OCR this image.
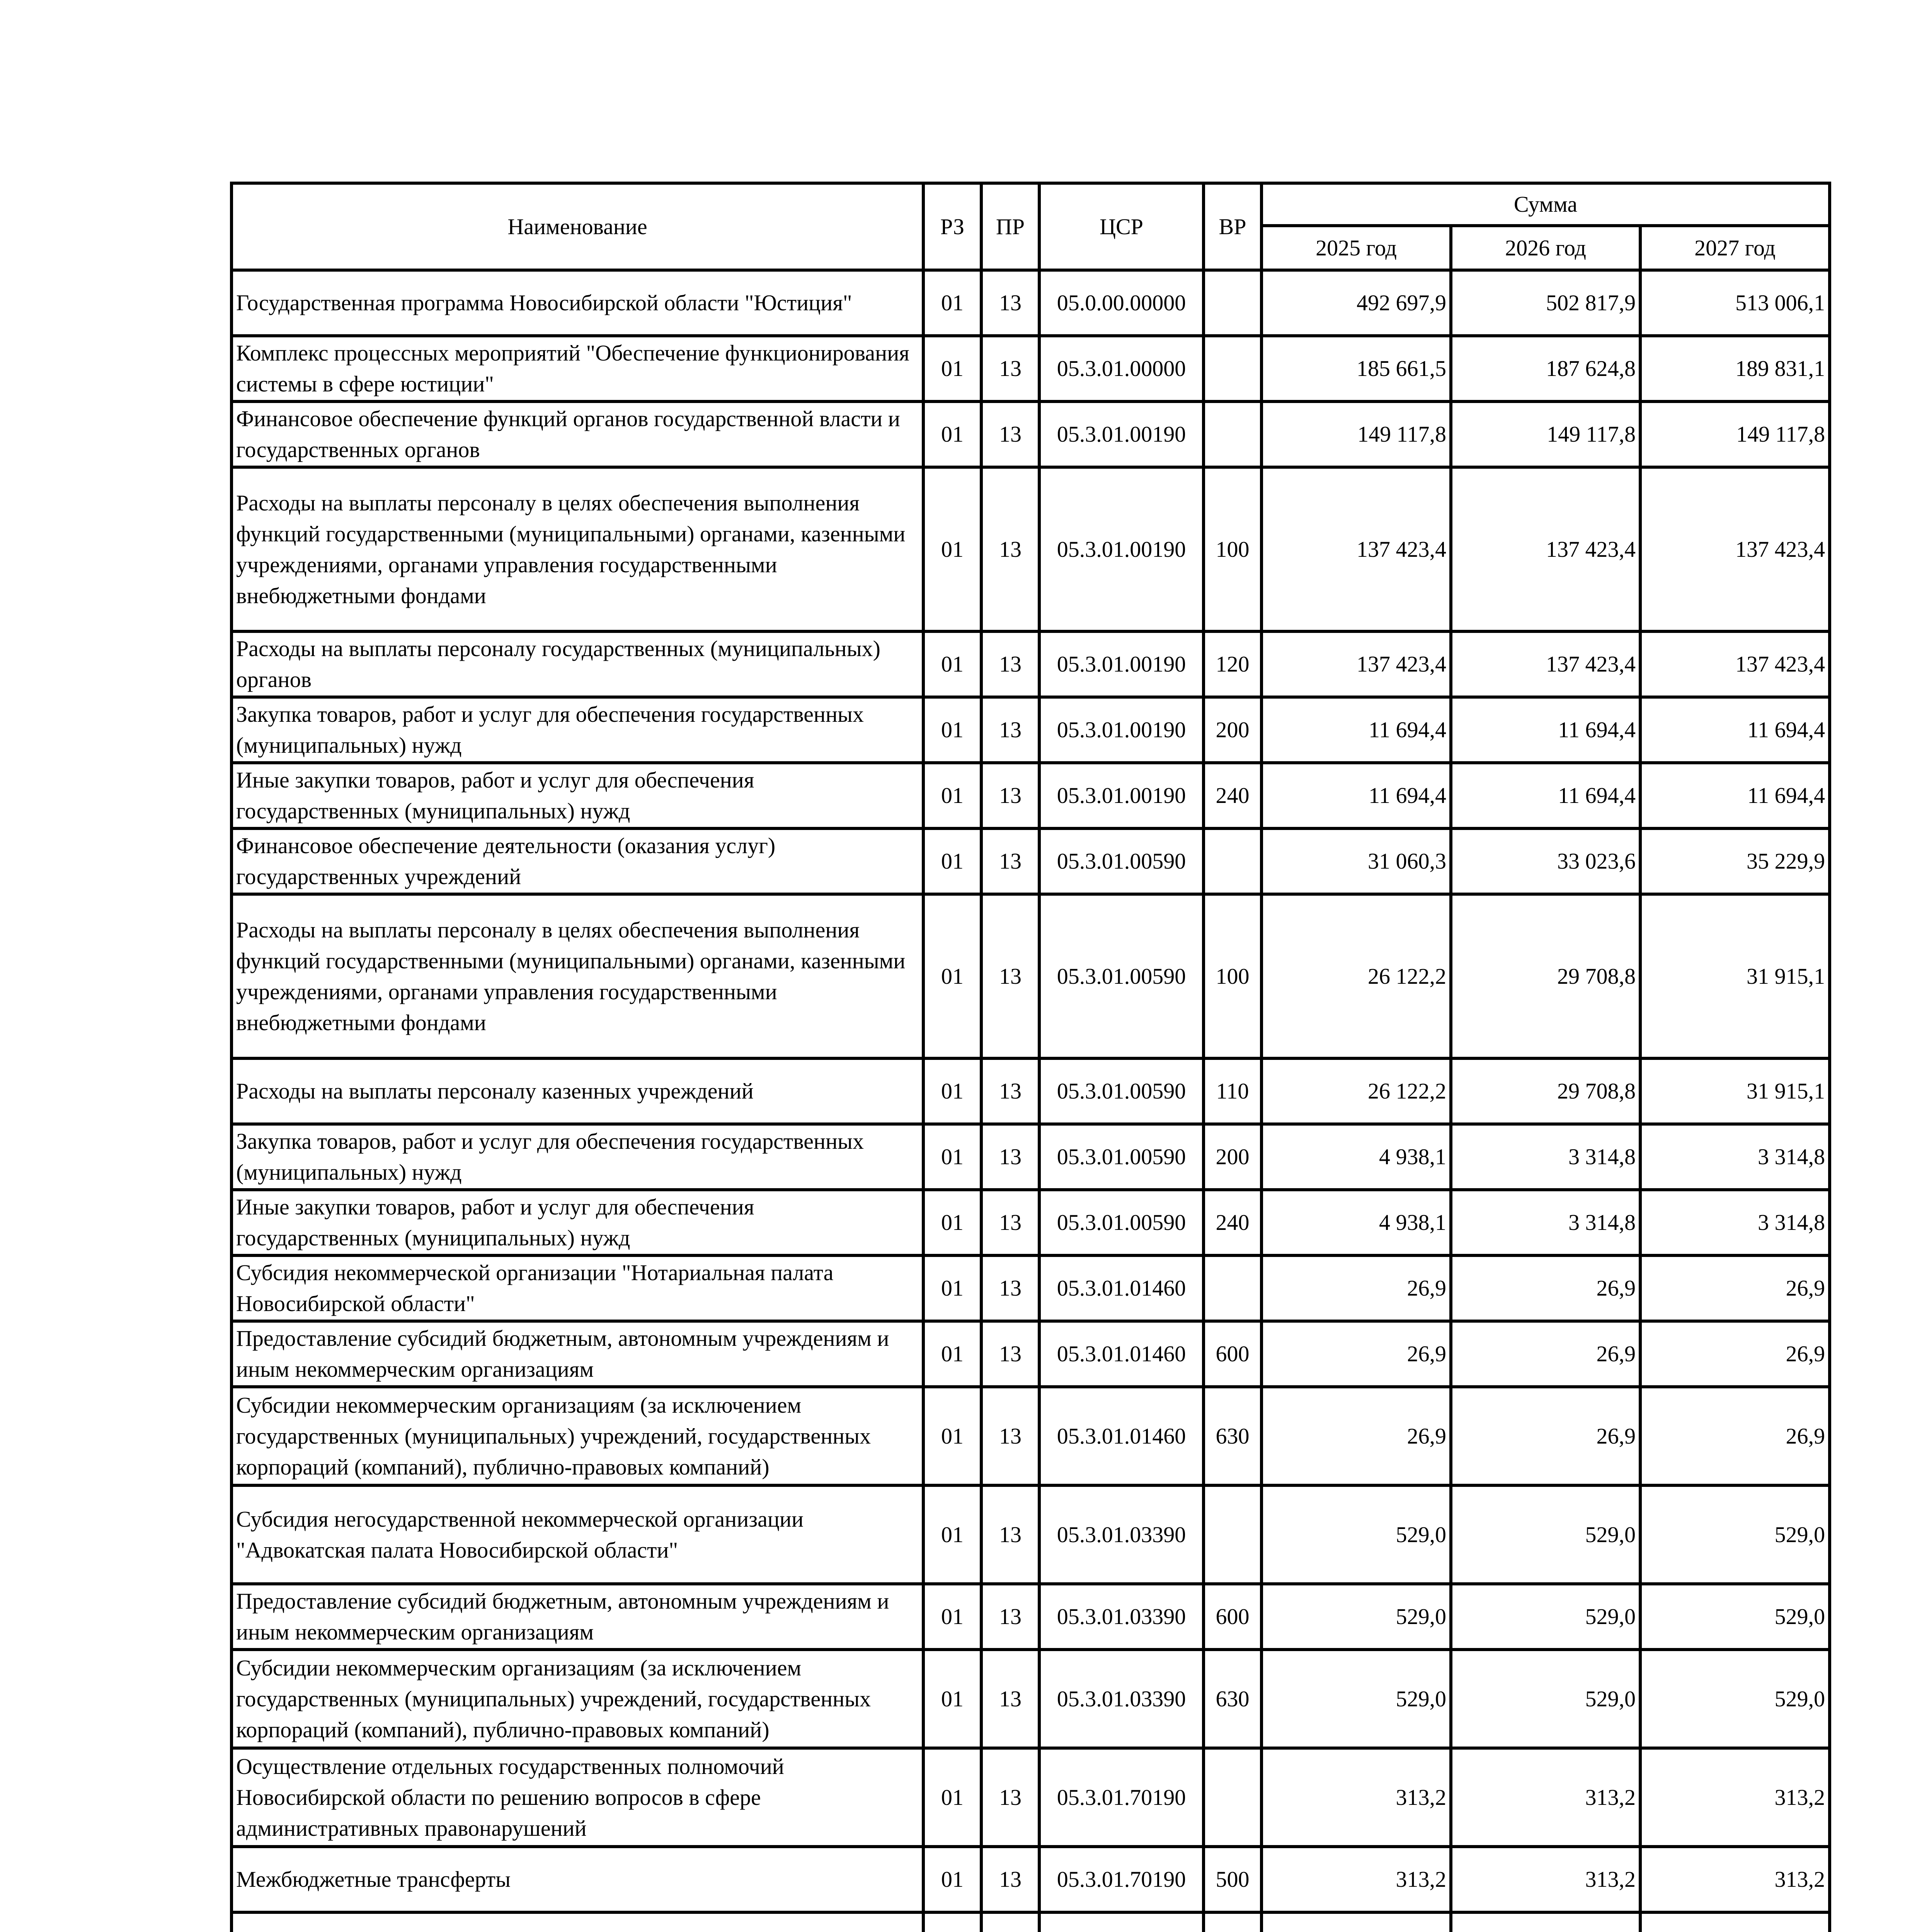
Наименование	РЗ	ПР	ЦСР	ВР	Сумма		
					2025 год	2026 год	2027 год
Государственная программа Новосибирской области "Юстиция"	01	13	05.0.00.00000		492 697,9	502 817,9	513 006,1
Комплекс процессных мероприятий "Обеспечение функционирования системы в сфере юстиции"	01	13	05.3.01.00000		185 661,5	187 624,8	189 831,1
Финансовое обеспечение функций органов государственной власти и государственных органов	01	13	05.3.01.00190		149 117,8	149 117,8	149 117,8
Расходы на выплаты персоналу в целях обеспечения выполнения функций государственными (муниципальными) органами, казенными учреждениями, органами управления государственными внебюджетными фондами	01	13	05.3.01.00190	100	137 423,4	137 423,4	137 423,4
Расходы на выплаты персоналу государственных (муниципальных) органов	01	13	05.3.01.00190	120	137 423,4	137 423,4	137 423,4
Закупка товаров, работ и услуг для обеспечения государственных (муниципальных) нужд	01	13	05.3.01.00190	200	11 694,4	11 694,4	11 694,4
Иные закупки товаров, работ и услуг для обеспечения государственных (муниципальных) нужд	01	13	05.3.01.00190	240	11 694,4	11 694,4	11 694,4
Финансовое обеспечение деятельности (оказания услуг) государственных учреждений	01	13	05.3.01.00590		31 060,3	33 023,6	35 229,9
Расходы на выплаты персоналу в целях обеспечения выполнения функций государственными (муниципальными) органами, казенными учреждениями, органами управления государственными внебюджетными фондами	01	13	05.3.01.00590	100	26 122,2	29 708,8	31 915,1
Расходы на выплаты персоналу казенных учреждений	01	13	05.3.01.00590	110	26 122,2	29 708,8	31 915,1
Закупка товаров, работ и услуг для обеспечения государственных (муниципальных) нужд	01	13	05.3.01.00590	200	4 938,1	3 314,8	3 314,8
Иные закупки товаров, работ и услуг для обеспечения государственных (муниципальных) нужд	01	13	05.3.01.00590	240	4 938,1	3 314,8	3 314,8
Субсидия некоммерческой организации "Нотариальная палата Новосибирской области"	01	13	05.3.01.01460		26,9	26,9	26,9
Предоставление субсидий бюджетным, автономным учреждениям и иным некоммерческим организациям	01	13	05.3.01.01460	600	26,9	26,9	26,9
Субсидии некоммерческим организациям (за исключением государственных (муниципальных) учреждений, государственных корпораций (компаний), публично-правовых компаний)	01	13	05.3.01.01460	630	26,9	26,9	26,9
Субсидия негосударственной некоммерческой организации "Адвокатская палата Новосибирской области"	01	13	05.3.01.03390		529,0	529,0	529,0
Предоставление субсидий бюджетным, автономным учреждениям и иным некоммерческим организациям	01	13	05.3.01.03390	600	529,0	529,0	529,0
Субсидии некоммерческим организациям (за исключением государственных (муниципальных) учреждений, государственных корпораций (компаний), публично-правовых компаний)	01	13	05.3.01.03390	630	529,0	529,0	529,0
Осуществление отдельных государственных полномочий Новосибирской области по решению вопросов в сфере административных правонарушений	01	13	05.3.01.70190		313,2	313,2	313,2
Межбюджетные трансферты	01	13	05.3.01.70190	500	313,2	313,2	313,2
